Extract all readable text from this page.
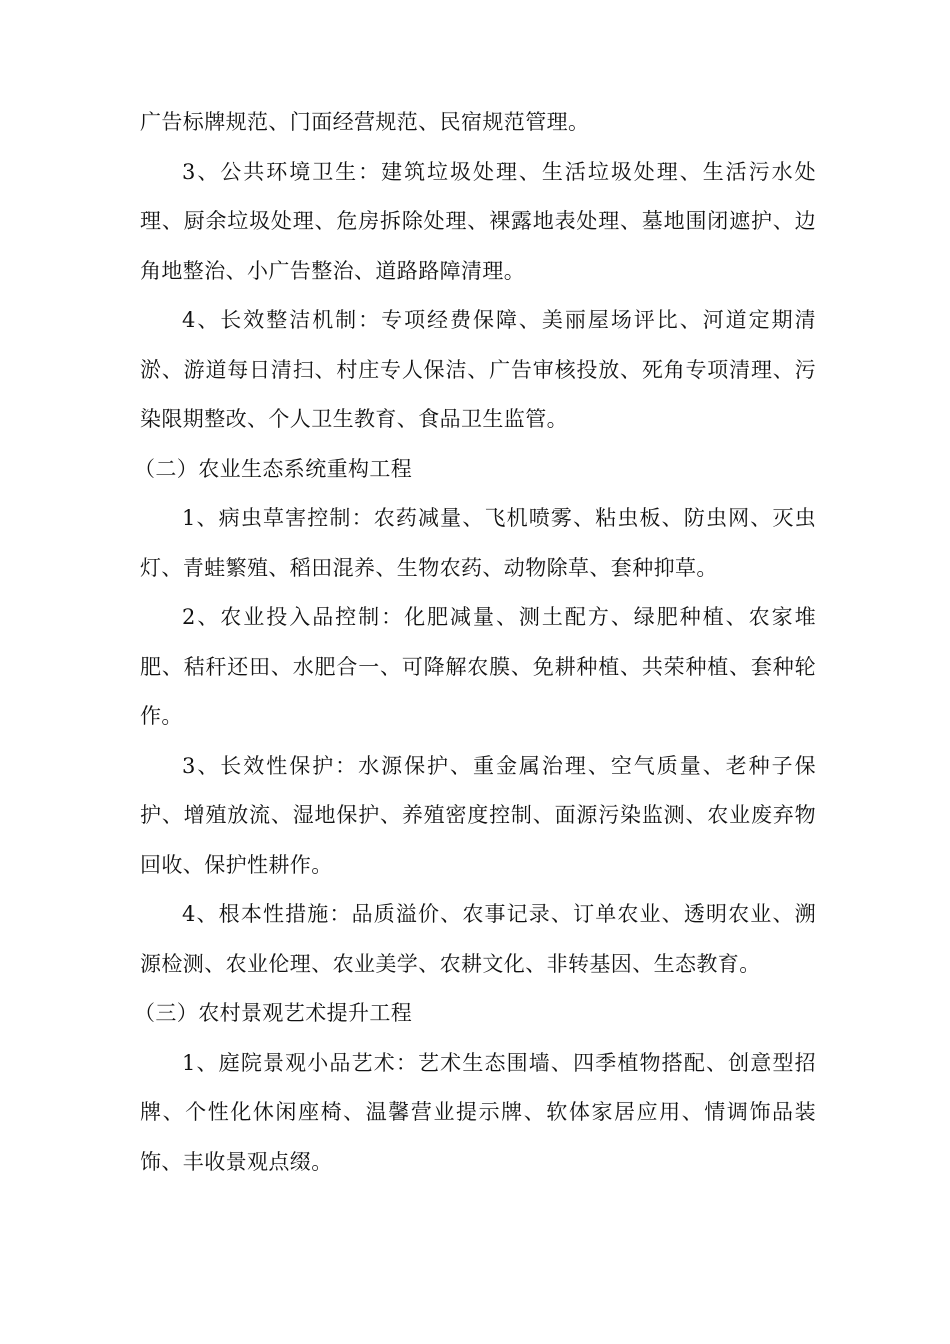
广告标牌规范、门面经营规范、民宿规范管理。

3、公共环境卫生：建筑垃圾处理、生活垃圾处理、生活污水处理、厨余垃圾处理、危房拆除处理、裸露地表处理、墓地围闭遮护、边角地整治、小广告整治、道路路障清理。

4、长效整洁机制：专项经费保障、美丽屋场评比、河道定期清淤、游道每日清扫、村庄专人保洁、广告审核投放、死角专项清理、污染限期整改、个人卫生教育、食品卫生监管。

（二）农业生态系统重构工程

1、病虫草害控制：农药减量、飞机喷雾、粘虫板、防虫网、灭虫灯、青蛙繁殖、稻田混养、生物农药、动物除草、套种抑草。

2、农业投入品控制：化肥减量、测土配方、绿肥种植、农家堆肥、秸秆还田、水肥合一、可降解农膜、免耕种植、共荣种植、套种轮作。

3、长效性保护：水源保护、重金属治理、空气质量、老种子保护、增殖放流、湿地保护、养殖密度控制、面源污染监测、农业废弃物回收、保护性耕作。

4、根本性措施：品质溢价、农事记录、订单农业、透明农业、溯源检测、农业伦理、农业美学、农耕文化、非转基因、生态教育。

（三）农村景观艺术提升工程

1、庭院景观小品艺术：艺术生态围墙、四季植物搭配、创意型招牌、个性化休闲座椅、温馨营业提示牌、软体家居应用、情调饰品装饰、丰收景观点缀。
